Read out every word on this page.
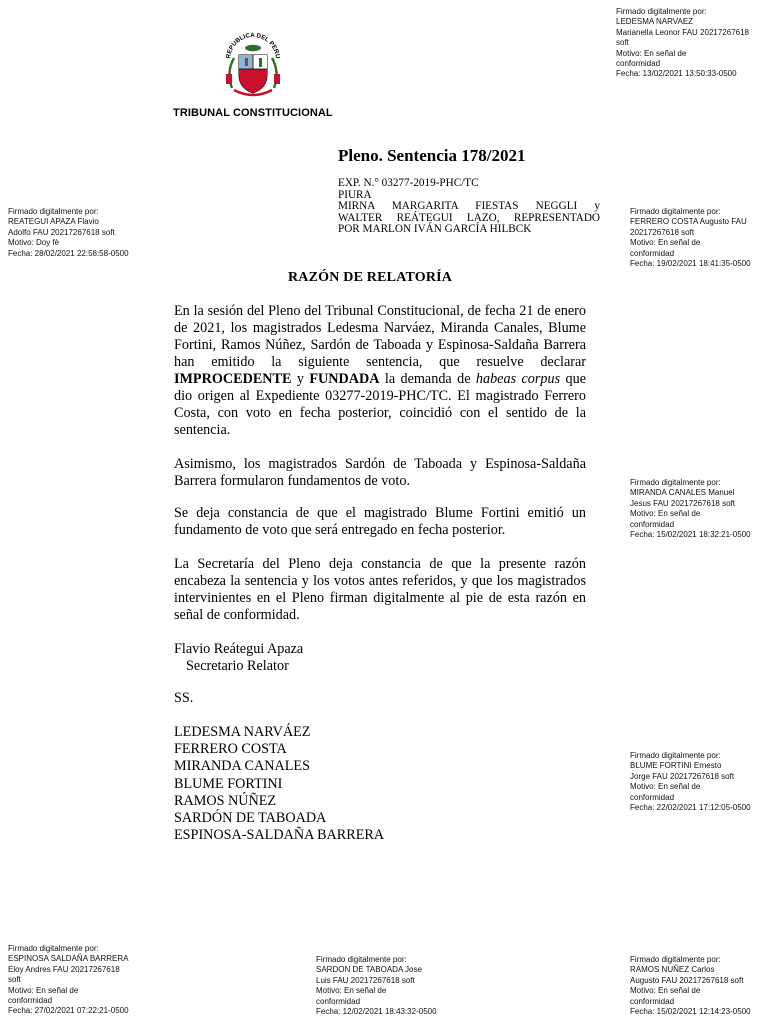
REPUBLICA DEL PERU
TRIBUNAL CONSTITUCIONAL
Firmado digitalmente por:
LEDESMA NARVAEZ
Marianella Leonor FAU 20217267618
soft
Motivo: En señal de
conformidad
Fecha: 13/02/2021 13:50:33-0500
Firmado digitalmente por:
REATEGUI APAZA Flavio
Adolfo FAU 20217267618 soft
Motivo: Doy fè
Fecha: 28/02/2021 22:58:58-0500
Firmado digitalmente por:
FERRERO COSTA Augusto FAU
20217267618 soft
Motivo: En señal de
conformidad
Fecha: 19/02/2021 18:41:35-0500
Firmado digitalmente por:
MIRANDA CANALES Manuel
Jesus FAU 20217267618 soft
Motivo: En señal de
conformidad
Fecha: 15/02/2021 18:32:21-0500
Firmado digitalmente por:
BLUME FORTINI Ernesto
Jorge FAU 20217267618 soft
Motivo: En señal de
conformidad
Fecha: 22/02/2021 17:12:05-0500
Firmado digitalmente por:
ESPINOSA SALDAÑA BARRERA
Eloy Andres FAU 20217267618
soft
Motivo: En señal de
conformidad
Fecha: 27/02/2021 07:22:21-0500
Firmado digitalmente por:
SARDON DE TABOADA Jose
Luis FAU 20217267618 soft
Motivo: En señal de
conformidad
Fecha: 12/02/2021 18:43:32-0500
Firmado digitalmente por:
RAMOS NUÑEZ Carlos
Augusto FAU 20217267618 soft
Motivo: En señal de
conformidad
Fecha: 15/02/2021 12:14:23-0500
Pleno. Sentencia 178/2021
EXP. N.° 03277-2019-PHC/TC
PIURA
MIRNA MARGARITA FIESTAS NEGGLI y
WALTER REÁTEGUI LAZO, REPRESENTADO
POR MARLON IVÁN GARCÍA HILBCK
RAZÓN DE RELATORÍA
En la sesión del Pleno del Tribunal Constitucional, de fecha 21 de enero de 2021, los magistrados Ledesma Narváez, Miranda Canales, Blume Fortini, Ramos Núñez, Sardón de Taboada y Espinosa-Saldaña Barrera han emitido la siguiente sentencia, que resuelve declarar IMPROCEDENTE y FUNDADA la demanda de habeas corpus que dio origen al Expediente 03277-2019-PHC/TC. El magistrado Ferrero Costa, con voto en fecha posterior, coincidió con el sentido de la sentencia.
Asimismo, los magistrados Sardón de Taboada y Espinosa-Saldaña Barrera formularon fundamentos de voto.
Se deja constancia de que el magistrado Blume Fortini emitió un fundamento de voto que será entregado en fecha posterior.
La Secretaría del Pleno deja constancia de que la presente razón encabeza la sentencia y los votos antes referidos, y que los magistrados intervinientes en el Pleno firman digitalmente al pie de esta razón en señal de conformidad.
Flavio Reátegui Apaza
Secretario Relator
SS.
LEDESMA NARVÁEZ
FERRERO COSTA
MIRANDA CANALES
BLUME FORTINI
RAMOS NÚÑEZ
SARDÓN DE TABOADA
ESPINOSA-SALDAÑA BARRERA
